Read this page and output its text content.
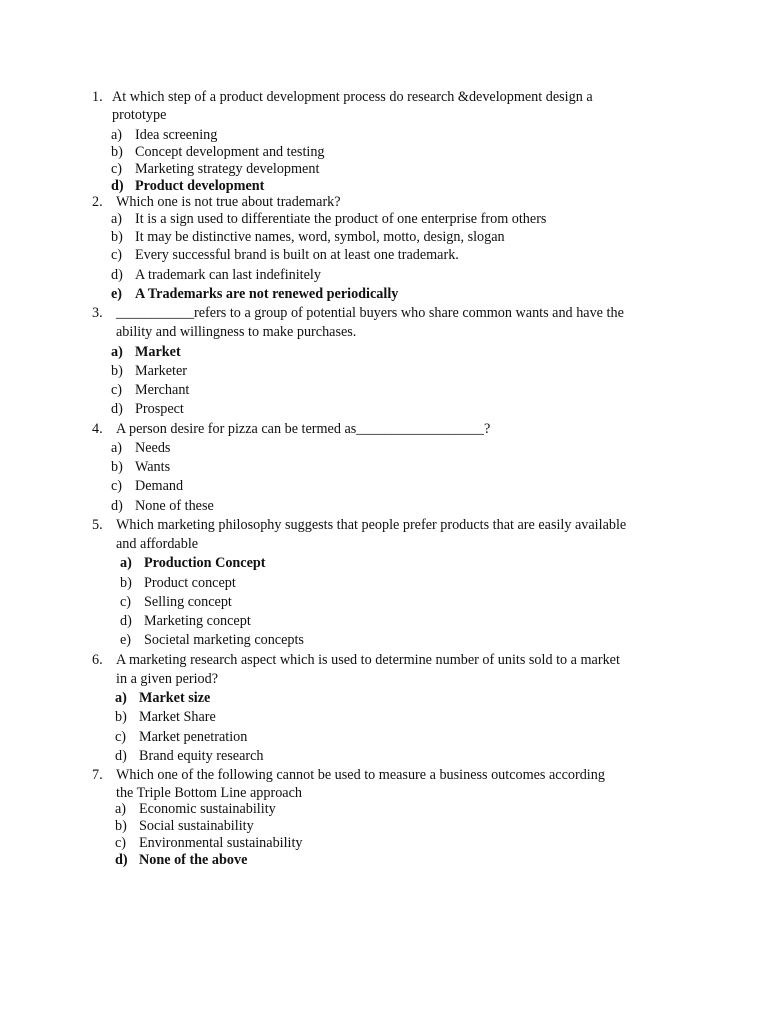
1. At which step of a product development process do research &development design a
prototype
a) Idea screening
b) Concept development and testing
c) Marketing strategy development
d) Product development
2. Which one is not true about trademark?
a) It is a sign used to differentiate the product of one enterprise from others
b) It may be distinctive names, word, symbol, motto, design, slogan
c) Every successful brand is built on at least one trademark.
d) A trademark can last indefinitely
e) A Trademarks are not renewed periodically
3. ___________refers to a group of potential buyers who share common wants and have the
ability and willingness to make purchases.
a) Market
b) Marketer
c) Merchant
d) Prospect
4. A person desire for pizza can be termed as__________________?
a) Needs
b) Wants
c) Demand
d) None of these
5. Which marketing philosophy suggests that people prefer products that are easily available
and affordable
a) Production Concept
b) Product concept
c) Selling concept
d) Marketing concept
e) Societal marketing concepts
6. A marketing research aspect which is used to determine number of units sold to a market
in a given period?
a) Market size
b) Market Share
c) Market penetration
d) Brand equity research
7. Which one of the following cannot be used to measure a business outcomes according
the Triple Bottom Line approach
a) Economic sustainability
b) Social sustainability
c) Environmental sustainability
d) None of the above
